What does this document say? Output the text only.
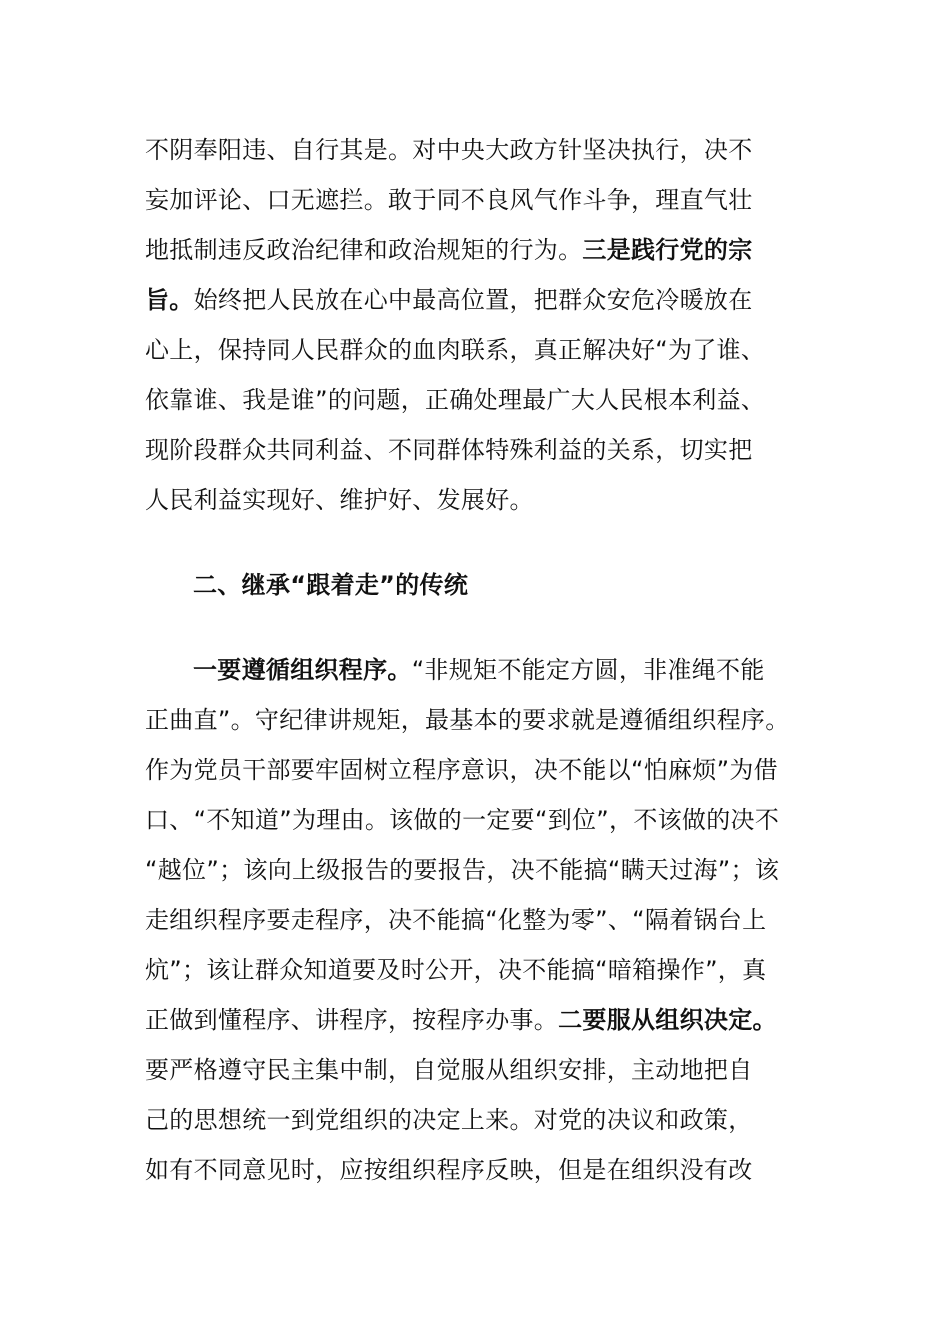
不阴奉阳违、自行其是。对中央大政方针坚决执行，决不
妄加评论、口无遮拦。敢于同不良风气作斗争，理直气壮
地抵制违反政治纪律和政治规矩的行为。三是践行党的宗
旨。始终把人民放在心中最高位置，把群众安危冷暖放在
心上，保持同人民群众的血肉联系，真正解决好“为了谁、
依靠谁、我是谁”的问题，正确处理最广大人民根本利益、
现阶段群众共同利益、不同群体特殊利益的关系，切实把
人民利益实现好、维护好、发展好。
二、继承“跟着走”的传统
一要遵循组织程序。“非规矩不能定方圆，非准绳不能
正曲直”。守纪律讲规矩，最基本的要求就是遵循组织程序。
作为党员干部要牢固树立程序意识，决不能以“怕麻烦”为借
口、“不知道”为理由。该做的一定要“到位”，不该做的决不
“越位”；该向上级报告的要报告，决不能搞“瞒天过海”；该
走组织程序要走程序，决不能搞“化整为零”、“隔着锅台上
炕”；该让群众知道要及时公开，决不能搞“暗箱操作”，真
正做到懂程序、讲程序，按程序办事。二要服从组织决定。
要严格遵守民主集中制，自觉服从组织安排，主动地把自
己的思想统一到党组织的决定上来。对党的决议和政策，
如有不同意见时，应按组织程序反映，但是在组织没有改
